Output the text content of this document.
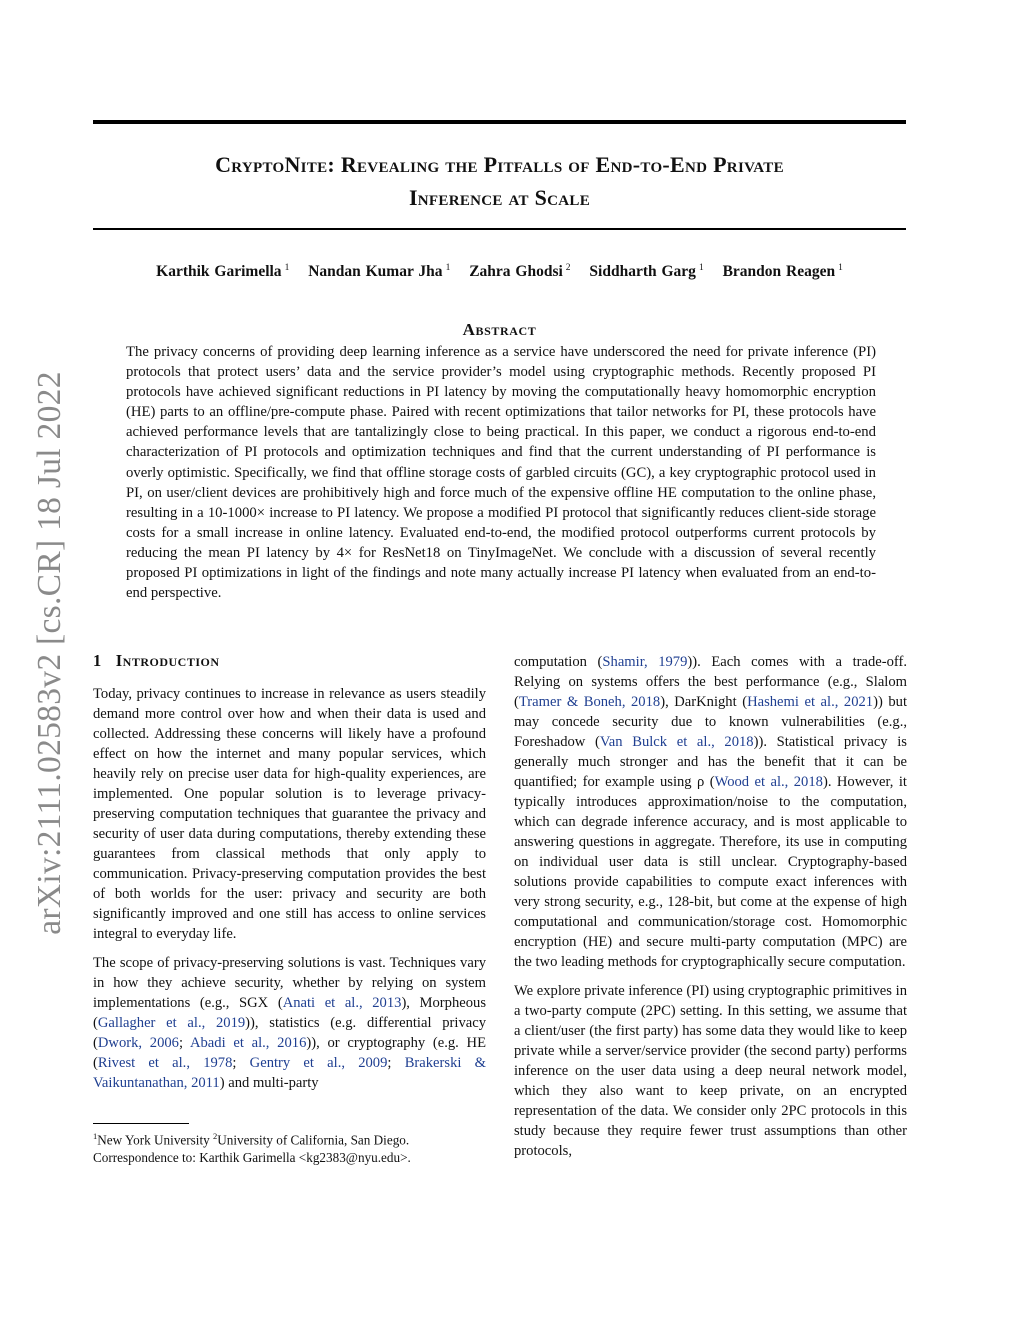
arXiv:2111.02583v2 [cs.CR] 18 Jul 2022
CryptoNite: Revealing the Pitfalls of End-to-End Private
Inference at Scale
Karthik Garimella $^1$ Nandan Kumar Jha $^1$ Zahra Ghodsi $^2$ Siddharth Garg $^1$ Brandon Reagen $^1$
Abstract

The privacy concerns of providing deep learning inference as a service have underscored the need for private inference (PI) protocols that protect users’ data and the service provider’s model using cryptographic methods. Recently proposed PI protocols have achieved significant reductions in PI latency by moving the computationally heavy homomorphic encryption (HE) parts to an offline/pre-compute phase. Paired with recent optimizations that tailor networks for PI, these protocols have achieved performance levels that are tantalizingly close to being practical. In this paper, we conduct a rigorous end-to-end characterization of PI protocols and optimization techniques and find that the current understanding of PI performance is overly optimistic. Specifically, we find that offline storage costs of garbled circuits (GC), a key cryptographic protocol used in PI, on user/client devices are prohibitively high and force much of the expensive offline HE computation to the online phase, resulting in a 10-1000× increase to PI latency. We propose a modified PI protocol that significantly reduces client-side storage costs for a small increase in online latency. Evaluated end-to-end, the modified protocol outperforms current protocols by reducing the mean PI latency by 4× for ResNet18 on TinyImageNet. We conclude with a discussion of several recently proposed PI optimizations in light of the findings and note many actually increase PI latency when evaluated from an end-to-end perspective.

1 Introduction

Today, privacy continues to increase in relevance as users steadily demand more control over how and when their data is used and collected. Addressing these concerns will likely have a profound effect on how the internet and many popular services, which heavily rely on precise user data for high-quality experiences, are implemented. One popular solution is to leverage privacy-preserving computation techniques that guarantee the privacy and security of user data during computations, thereby extending these guarantees from classical methods that only apply to communication. Privacy-preserving computation provides the best of both worlds for the user: privacy and security are both significantly improved and one still has access to online services integral to everyday life.

The scope of privacy-preserving solutions is vast. Techniques vary in how they achieve security, whether by relying on system implementations (e.g., SGX (Anati et al., 2013), Morpheous (Gallagher et al., 2019)), statistics (e.g. differential privacy (Dwork, 2006; Abadi et al., 2016)), or cryptography (e.g. HE (Rivest et al., 1978; Gentry et al., 2009; Brakerski & Vaikuntanathan, 2011) and multi-party

$^1$New York University $^2$University of California, San Diego.
Correspondence to: Karthik Garimella <kg2383@nyu.edu>.

computation (Shamir, 1979)). Each comes with a trade-off. Relying on systems offers the best performance (e.g., Slalom (Tramer & Boneh, 2018), DarKnight (Hashemi et al., 2021)) but may concede security due to known vulnerabilities (e.g., Foreshadow (Van Bulck et al., 2018)). Statistical privacy is generally much stronger and has the benefit that it can be quantified; for example using ρ (Wood et al., 2018). However, it typically introduces approximation/noise to the computation, which can degrade inference accuracy, and is most applicable to answering questions in aggregate. Therefore, its use in computing on individual user data is still unclear. Cryptography-based solutions provide capabilities to compute exact inferences with very strong security, e.g., 128-bit, but come at the expense of high computational and communication/storage cost. Homomorphic encryption (HE) and secure multi-party computation (MPC) are the two leading methods for cryptographically secure computation.

We explore private inference (PI) using cryptographic primitives in a two-party compute (2PC) setting. In this setting, we assume that a client/user (the first party) has some data they would like to keep private while a server/service provider (the second party) performs inference on the user data using a deep neural network model, which they also want to keep private, on an encrypted representation of the data. We consider only 2PC protocols in this study because they require fewer trust assumptions than other protocols,
